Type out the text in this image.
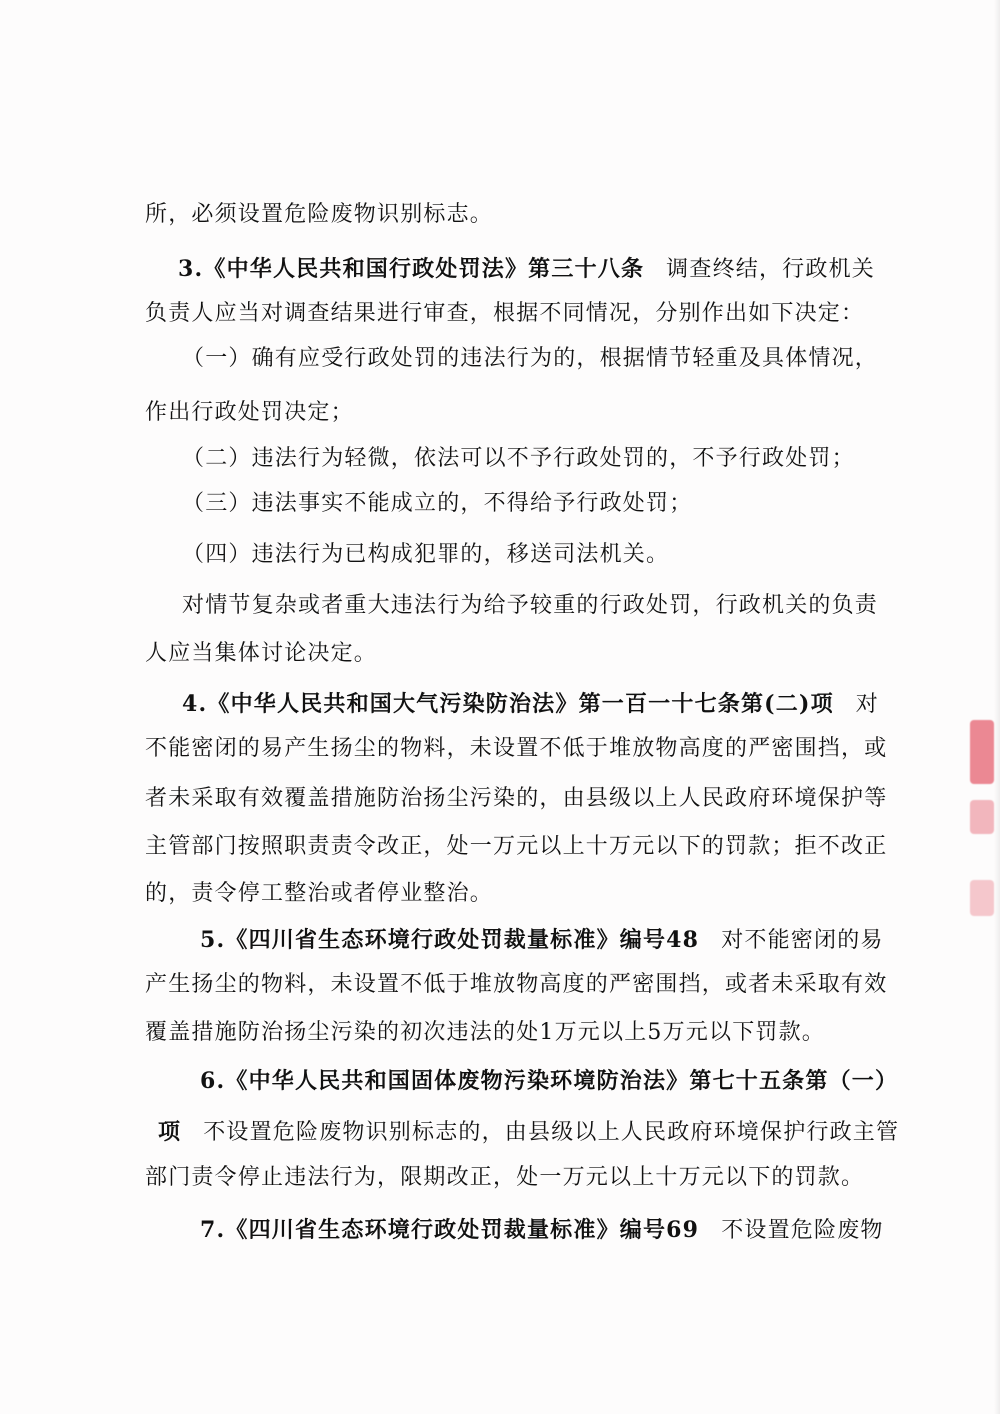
所，必须设置危险废物识别标志。
3.《中华人民共和国行政处罚法》第三十八条 调查终结，行政机关
负责人应当对调查结果进行审查，根据不同情况，分别作出如下决定：
（一）确有应受行政处罚的违法行为的，根据情节轻重及具体情况，
作出行政处罚决定；
（二）违法行为轻微，依法可以不予行政处罚的，不予行政处罚；
（三）违法事实不能成立的，不得给予行政处罚；
（四）违法行为已构成犯罪的，移送司法机关。
对情节复杂或者重大违法行为给予较重的行政处罚，行政机关的负责
人应当集体讨论决定。
4.《中华人民共和国大气污染防治法》第一百一十七条第(二)项 对
不能密闭的易产生扬尘的物料，未设置不低于堆放物高度的严密围挡，或
者未采取有效覆盖措施防治扬尘污染的，由县级以上人民政府环境保护等
主管部门按照职责责令改正，处一万元以上十万元以下的罚款；拒不改正
的，责令停工整治或者停业整治。
5.《四川省生态环境行政处罚裁量标准》编号48 对不能密闭的易
产生扬尘的物料，未设置不低于堆放物高度的严密围挡，或者未采取有效
覆盖措施防治扬尘污染的初次违法的处1万元以上5万元以下罚款。
6.《中华人民共和国固体废物污染环境防治法》第七十五条第（一）
项 不设置危险废物识别标志的，由县级以上人民政府环境保护行政主管
部门责令停止违法行为，限期改正，处一万元以上十万元以下的罚款。
7.《四川省生态环境行政处罚裁量标准》编号69 不设置危险废物
